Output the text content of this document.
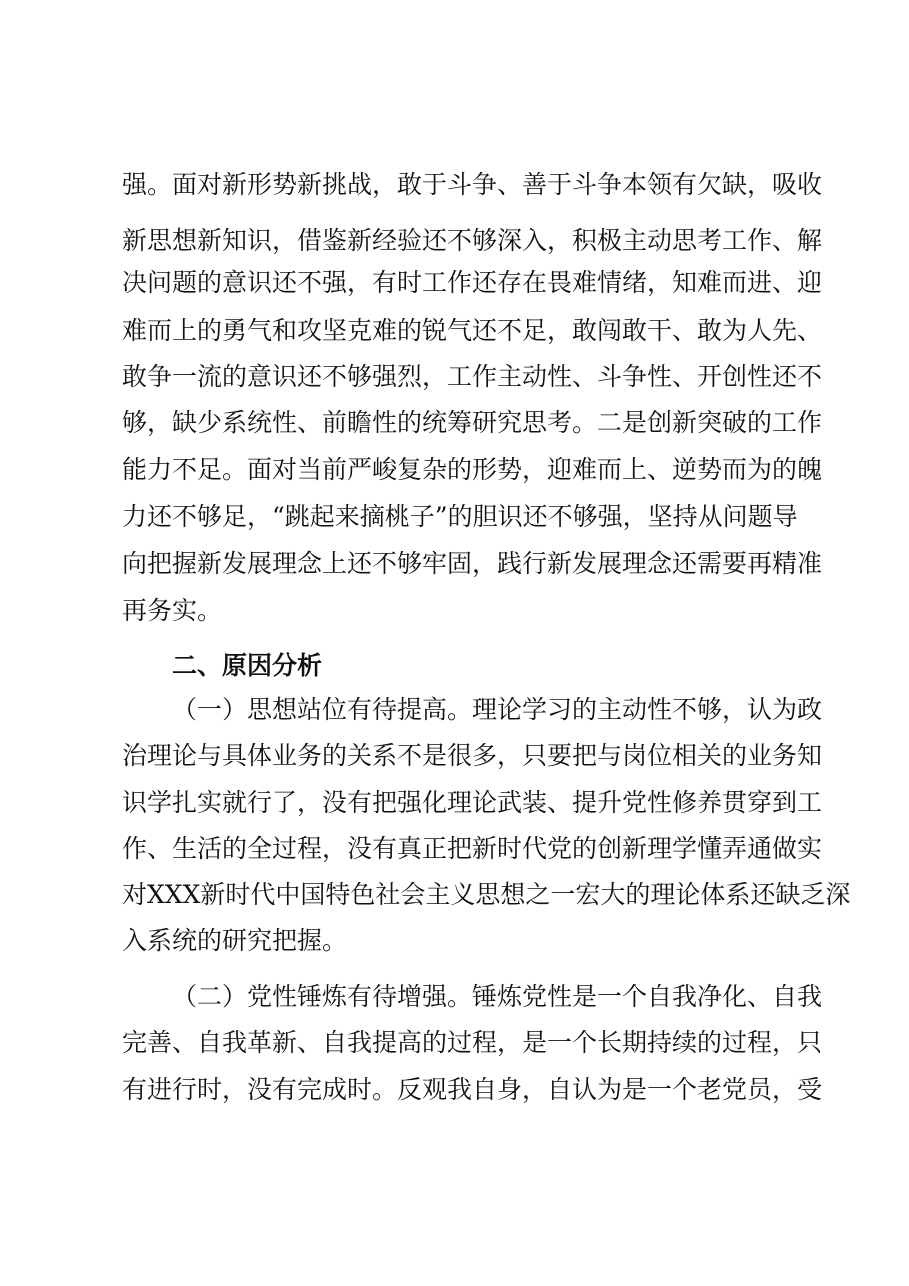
强。面对新形势新挑战，敢于斗争、善于斗争本领有欠缺，吸收
新思想新知识，借鉴新经验还不够深入，积极主动思考工作、解
决问题的意识还不强，有时工作还存在畏难情绪，知难而进、迎
难而上的勇气和攻坚克难的锐气还不足，敢闯敢干、敢为人先、
敢争一流的意识还不够强烈，工作主动性、斗争性、开创性还不
够，缺少系统性、前瞻性的统筹研究思考。二是创新突破的工作
能力不足。面对当前严峻复杂的形势，迎难而上、逆势而为的魄
力还不够足，“跳起来摘桃子”的胆识还不够强，坚持从问题导
向把握新发展理念上还不够牢固，践行新发展理念还需要再精准
再务实。
二、原因分析
（一）思想站位有待提高。理论学习的主动性不够，认为政
治理论与具体业务的关系不是很多，只要把与岗位相关的业务知
识学扎实就行了，没有把强化理论武装、提升党性修养贯穿到工
作、生活的全过程，没有真正把新时代党的创新理学懂弄通做实
对XXX新时代中国特色社会主义思想之一宏大的理论体系还缺乏深
入系统的研究把握。
（二）党性锤炼有待增强。锤炼党性是一个自我净化、自我
完善、自我革新、自我提高的过程，是一个长期持续的过程，只
有进行时，没有完成时。反观我自身，自认为是一个老党员，受
